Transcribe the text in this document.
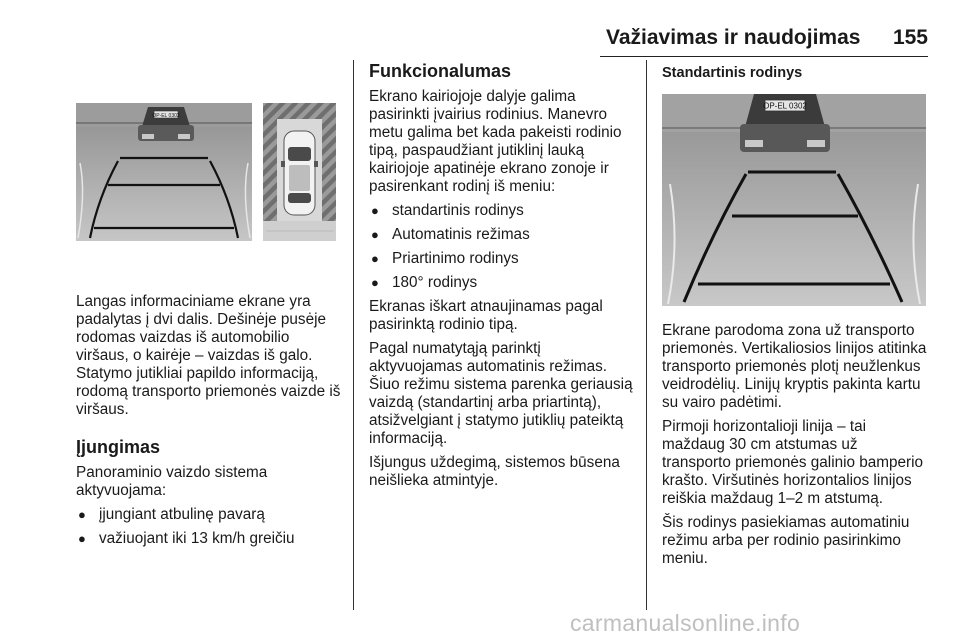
Važiavimas ir naudojimas 155
OP-EL 0302

Langas informaciniame ekrane yra padalytas į dvi dalis. Dešinėje pusėje rodomas vaizdas iš automobilio viršaus, o kairėje – vaizdas iš galo. Statymo jutikliai papildo informaciją, rodomą transporto priemonės vaizde iš viršaus.

Įjungimas

Panoraminio vaizdo sistema aktyvuojama:

● įjungiant atbulinę pavarą
● važiuojant iki 13 km/h greičiu
Funkcionalumas

Ekrano kairiojoje dalyje galima pasirinkti įvairius rodinius. Manevro metu galima bet kada pakeisti rodinio tipą, paspaudžiant jutiklinį lauką kairiojoje apatinėje ekrano zonoje ir pasirenkant rodinį iš meniu:

● standartinis rodinys
● Automatinis režimas
● Priartinimo rodinys
● 180° rodinys

Ekranas iškart atnaujinamas pagal pasirinktą rodinio tipą.

Pagal numatytąją parinktį aktyvuojamas automatinis režimas. Šiuo režimu sistema parenka geriausią vaizdą (standartinį arba priartintą), atsižvelgiant į statymo jutiklių pateiktą informaciją.

Išjungus uždegimą, sistemos būsena neišlieka atmintyje.

Standartinis rodinys
OP-EL 0302

Ekrane parodoma zona už transporto priemonės. Vertikaliosios linijos atitinka transporto priemonės plotį neužlenkus veidrodėlių. Linijų kryptis pakinta kartu su vairo padėtimi.

Pirmoji horizontalioji linija – tai maždaug 30 cm atstumas už transporto priemonės galinio bamperio krašto. Viršutinės horizontalios linijos reiškia maždaug 1–2 m atstumą.

Šis rodinys pasiekiamas automatiniu režimu arba per rodinio pasirinkimo meniu.

carmanualsonline.info
